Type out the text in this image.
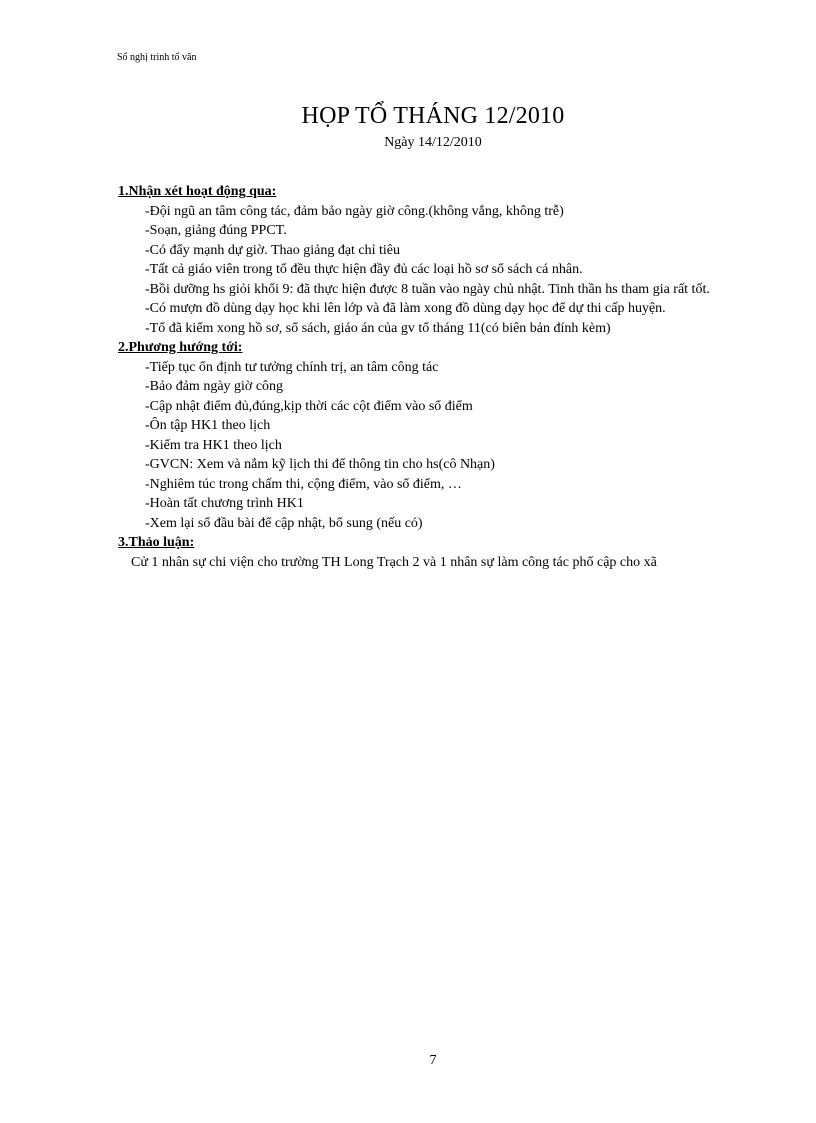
Sổ nghị trình tổ văn
HỌP TỔ THÁNG 12/2010
Ngày 14/12/2010
1.Nhận xét hoạt động qua:
-Đội ngũ an tâm công tác, đảm bảo ngày giờ công.(không vắng, không trễ)
-Soạn, giảng đúng PPCT.
-Có đẩy mạnh dự giờ. Thao giảng đạt chỉ tiêu
-Tất cả giáo viên trong tổ đều thực hiện đầy đủ các loại hồ sơ sổ sách cá nhân.
-Bồi dưỡng hs giỏi khối 9: đã thực hiện được 8 tuần vào ngày chủ nhật. Tinh thần hs tham gia rất tốt.
-Có mượn đồ dùng dạy học khi lên lớp và đã làm xong đồ dùng dạy học để dự thi cấp huyện.
-Tổ đã kiểm xong hồ sơ, sổ sách, giáo án của gv tổ tháng 11(có biên bản đính kèm)
2.Phương hướng tới:
-Tiếp tục ổn định tư tưởng chính trị, an tâm công tác
-Bảo đảm ngày giờ công
-Cập nhật điểm đủ,đúng,kịp thời các cột điểm vào sổ điểm
-Ôn tập HK1 theo lịch
-Kiểm tra HK1 theo lịch
-GVCN: Xem và nắm kỹ lịch thi để thông tin cho hs(cô Nhạn)
-Nghiêm túc trong chấm thi, cộng điểm, vào sổ điểm, …
-Hoàn tất chương trình HK1
-Xem lại sổ đầu bài để cập nhật, bổ sung (nếu có)
3.Thảo luận:
Cử 1 nhân sự chi viện cho trường TH Long Trạch 2 và 1 nhân sự làm công tác phổ cập cho xã
7
